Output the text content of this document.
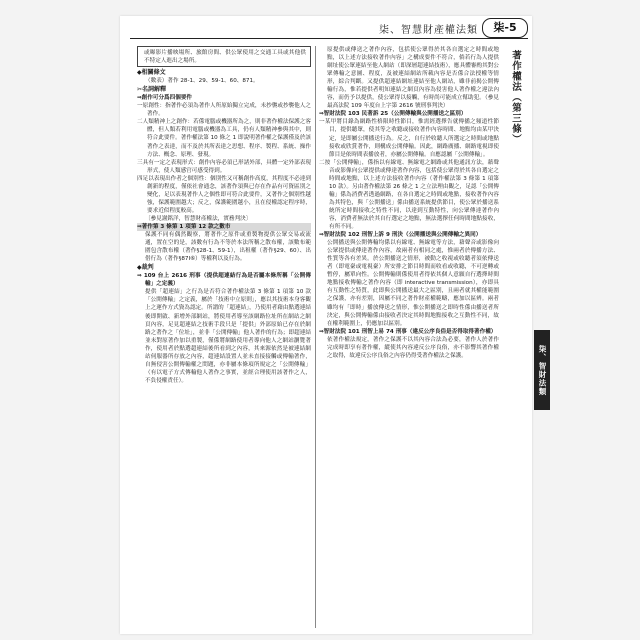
柒、智慧財產權法類	柒-5

或曝影片播映場所、旅館房間、供公眾使用之交通工具或其他供不特定人進出之場所。

◆相關條文

（數表）著作 28-1、29、59-1、60、871。

✂名詞解釋

⇒創作可分爲四個要件

一原創性：指著作必須為著作人所原始獨立完成，未抄襲或抄襲他人之著作。

二人類精神上之創作：若係電腦或機器所為之，則非著作權法保護之客體，但人類若利用電腦或機器為工具，仍有人類精神參與其中，則符合此要件。著作權法第 10 條之 1 即說明著作權之保護僅及於該著作之表達，而不及於其所表達之思想、程序、製程、系統、操作方法、概念、原理、發現。

三具有一定之表現形式：創作內容必須已形諸外部，具體一定外部表現形式，使人類感官可感受得到。

四足以表現出作者之個別性：個別性又可稱創作高度，其程度不必達到創新的程度，僅依社會通念，該著作須與已存在作品有可資區別之變化，足以表現著作人之個性即可符合此要件，又著作之個別性越強，保護範圍越大；反之，保護範圍越小，且在侵權認定程序時，要求近似程度較高。

〔參見謝銘洋，智慧財產權法，實務判決〕

⇒著作第 3 條第 1 項第 12 款之數市

保護不同有偶然觀察，將著作之原件或重製物提供公眾交易或流通，置在空的是，該數有行為不等於本法所稱之散布權，該數布範圍包含散布權（著作§28-1、59-1），出租權（著作§29、60）、出借行為（著作§87Ⅰ⑥）等權利以及行為。

◆裁判

⇒ 109 台上 2616 刑事（提供超連結行為是否屬本條所稱「公開傳輸」之定義）

提供「超連結」之行為是否符合著作權法第 3 條第 1 項第 10 款「公開傳輸」之定義，屬於「技術中立原則」，應以其技術本身客觀上之運作方式資為認定。所謂的「超連結」，乃使用者藉由點選連結後即開啟、新增外部網站，將使用者導至該網路位址所在網站之網頁內容，足見超連結之技術手段只是「提供」外部原始已存在於網路之著作之「位址」，並非「公開傳輸」他人著作的行為；即超連結並未對原著作加以重製，僅係將網路使用者導向他人之網站瀏覽著作，使用者於點選超連結後所看到之內容，其來源依然是被連結網站伺服器所存放之內容，超連結設置人並未直接接觸或傳輸著作，自無侵害公開傳輸權之問題，亦非屬本條項所規定之「公開傳輸」（有以電子方式傳輸他人著作之事實，並經合理使用該著作之人，不負侵權責任）。

原提供或傳送之著作內容，包括使公眾得於其各自選定之時間或地點，以上述方法接收著作內容」之構成要件不符合，倘若行為人提供網址使公眾連結至他人網站（即深層超連結技術），應具體審酌其對公眾傳輸之意圖、程度，及被連結網站所載內容是否係合法授權等情形，綜合判斷。又提供超連結網址連結至他人網站，雖非前揭公開傳輸行為，惟若提供者明知連結之網頁內容為侵害他人著作權之違法內容，而仍予以提供，使公眾得以接觸，有時尚可能成立幫助犯。（參見最高法院 109 年度台上字第 2616 號刑事判決）

⇒智財法院 103 民著訴 25（公開傳輸與公開播送之區別）

一某甲將目錄為網路性格限時性節目，惟需經選擇告就傳播之頻道性節目，提供聽眾，使其等之收聽或接收著作內容時間、地點均由某甲決定，是即屬公開播送行為。反之，自行於收聽人所選定之時間或地點接收或欣賞著作，則構成公開傳輸。因此，網路廣播、網路電視即使節目是依時間表播放者，亦屬公開傳輸。自應認屬「公開傳輸」。

二按「公開傳輸」，係指以有線電、無線電之網路或其他通訊方法，藉聲音或影像向公眾提供或傳達著作內容，包括使公眾得於其各自選定之時間或地點，以上述方法接收著作內容（著作權法第 3 條第 1 項第 10 款）。另由著作權法第 26 條之 1 之立法理由觀之，足認「公開傳輸」係為消費者透過網路，在各自選定之時間或地點，接收著作內容為其特色，與「公開播送」係由播送系統提供節目，使公眾於播送系統所定時間接收之特性不同，以達到互動特性，向公眾傳達著作內容，消費者無法於其自行選定之地點，無法選擇任何時間地點接收，有所不同。

⇒智財法院 102 刑智上訴 9 刑決（公開播送與公開傳輸之異同）

公開播送與公開傳輸均係以有線電、無線電等方法，藉聲音或影像向公眾提供或傳達著作內容，故兩者有相同之處，惟兩者於傳播方法、性質等各有差異。於公開播送之情形，被動之收視或收聽者須依傳送者（即電臺或電視臺）所安排之節目時間而收看或收聽，不可逆轉或暫停，屬單向性。公開傳輸則係使用者得依其個人意願自行選擇時間地點接收傳輸之著作內容（即 interactive transmission），亦即具有互動性之特質，此即與公開播送最大之區別，且兩者就其權能範圍之保護，亦有差別，因屬不同之著作財產權範疇，應加以區辨。兩者雖均有「即時」播放傳送之情形，惟公開播送之即時性係由播送者所決定，與公開傳輸係由接收者決定其時間地點接收之互動性不同，故在權利範圍上，仍應加以區別。

⇒智財法院 101 刑智上易 74 刑事（違反公序良俗是否得取得著作權）

依著作權法規定，著作之保護不以其內容合法為必要，著作人於著作完成時即享有著作權，縱使其內容違反公序良俗，亦不影響其著作權之取得，故違反公序良俗之內容仍得受著作權法之保護。

著作權法（第三條）
柒、智財法類
